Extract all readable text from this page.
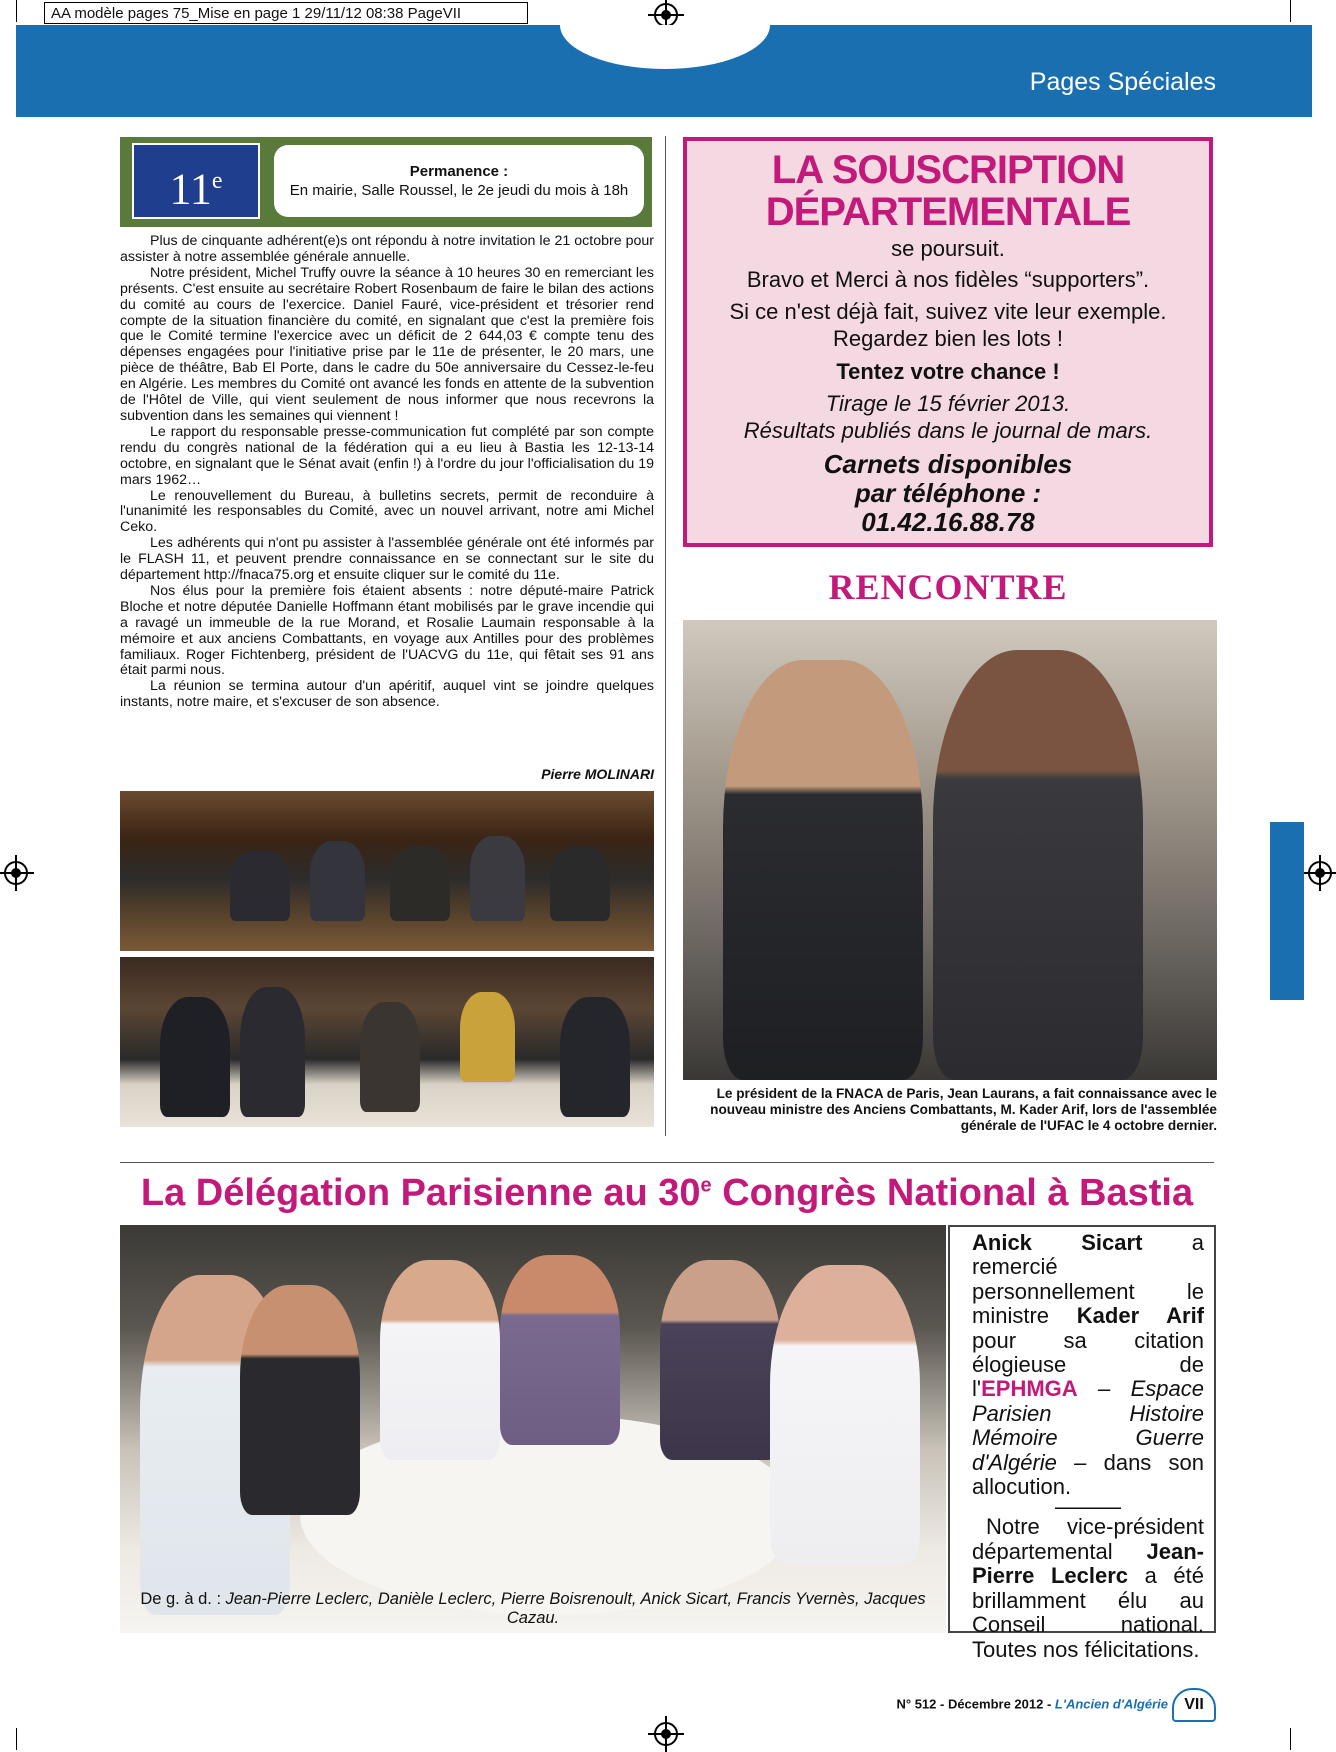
AA modèle pages 75_Mise en page 1 29/11/12 08:38 PageVII
Pages Spéciales
11e	Permanence :
En mairie, Salle Roussel, le 2e jeudi du mois à 18h

Plus de cinquante adhérent(e)s ont répondu à notre invitation le 21 octobre pour assister à notre assemblée générale annuelle.

Notre président, Michel Truffy ouvre la séance à 10 heures 30 en remerciant les présents. C'est ensuite au secrétaire Robert Rosenbaum de faire le bilan des actions du comité au cours de l'exercice. Daniel Fauré, vice-président et trésorier rend compte de la situation financière du comité, en signalant que c'est la première fois que le Comité termine l'exercice avec un déficit de 2 644,03 € compte tenu des dépenses engagées pour l'initiative prise par le 11e de présenter, le 20 mars, une pièce de théâtre, Bab El Porte, dans le cadre du 50e anniversaire du Cessez-le-feu en Algérie. Les membres du Comité ont avancé les fonds en attente de la subvention de l'Hôtel de Ville, qui vient seulement de nous informer que nous recevrons la subvention dans les semaines qui viennent !

Le rapport du responsable presse-communication fut complété par son compte rendu du congrès national de la fédération qui a eu lieu à Bastia les 12-13-14 octobre, en signalant que le Sénat avait (enfin !) à l'ordre du jour l'officialisation du 19 mars 1962…

Le renouvellement du Bureau, à bulletins secrets, permit de reconduire à l'unanimité les responsables du Comité, avec un nouvel arrivant, notre ami Michel Ceko.

Les adhérents qui n'ont pu assister à l'assemblée générale ont été informés par le FLASH 11, et peuvent prendre connaissance en se connectant sur le site du département http://fnaca75.org et ensuite cliquer sur le comité du 11e.

Nos élus pour la première fois étaient absents : notre député-maire Patrick Bloche et notre députée Danielle Hoffmann étant mobilisés par le grave incendie qui a ravagé un immeuble de la rue Morand, et Rosalie Laumain responsable à la mémoire et aux anciens Combattants, en voyage aux Antilles pour des problèmes familiaux. Roger Fichtenberg, président de l'UACVG du 11e, qui fêtait ses 91 ans était parmi nous.

La réunion se termina autour d'un apéritif, auquel vint se joindre quelques instants, notre maire, et s'excuser de son absence.

Pierre MOLINARI
LA SOUSCRIPTION
DÉPARTEMENTALE
se poursuit.
Bravo et Merci à nos fidèles “supporters”.
Si ce n'est déjà fait, suivez vite leur exemple.
Regardez bien les lots !
Tentez votre chance !
Tirage le 15 février 2013.
Résultats publiés dans le journal de mars.
Carnets disponibles
par téléphone :
01.42.16.88.78
RENCONTRE
Le président de la FNACA de Paris, Jean Laurans, a fait connaissance avec le nouveau ministre des Anciens Combattants, M. Kader Arif, lors de l'assemblée générale de l'UFAC le 4 octobre dernier.
La Délégation Parisienne au 30e Congrès National à Bastia
De g. à d. : Jean-Pierre Leclerc, Danièle Leclerc, Pierre Boisrenoult, Anick Sicart, Francis Yvernès, Jacques Cazau.
Anick Sicart a remercié personnellement le ministre Kader Arif pour sa citation élogieuse de l'EPHMGA – Espace Parisien Histoire Mémoire Guerre d'Algérie – dans son allocution.
———
Notre vice-président départemental Jean-Pierre Leclerc a été brillamment élu au Conseil national. Toutes nos félicitations.
N° 512 - Décembre 2012 - L'Ancien d'Algérie VII
